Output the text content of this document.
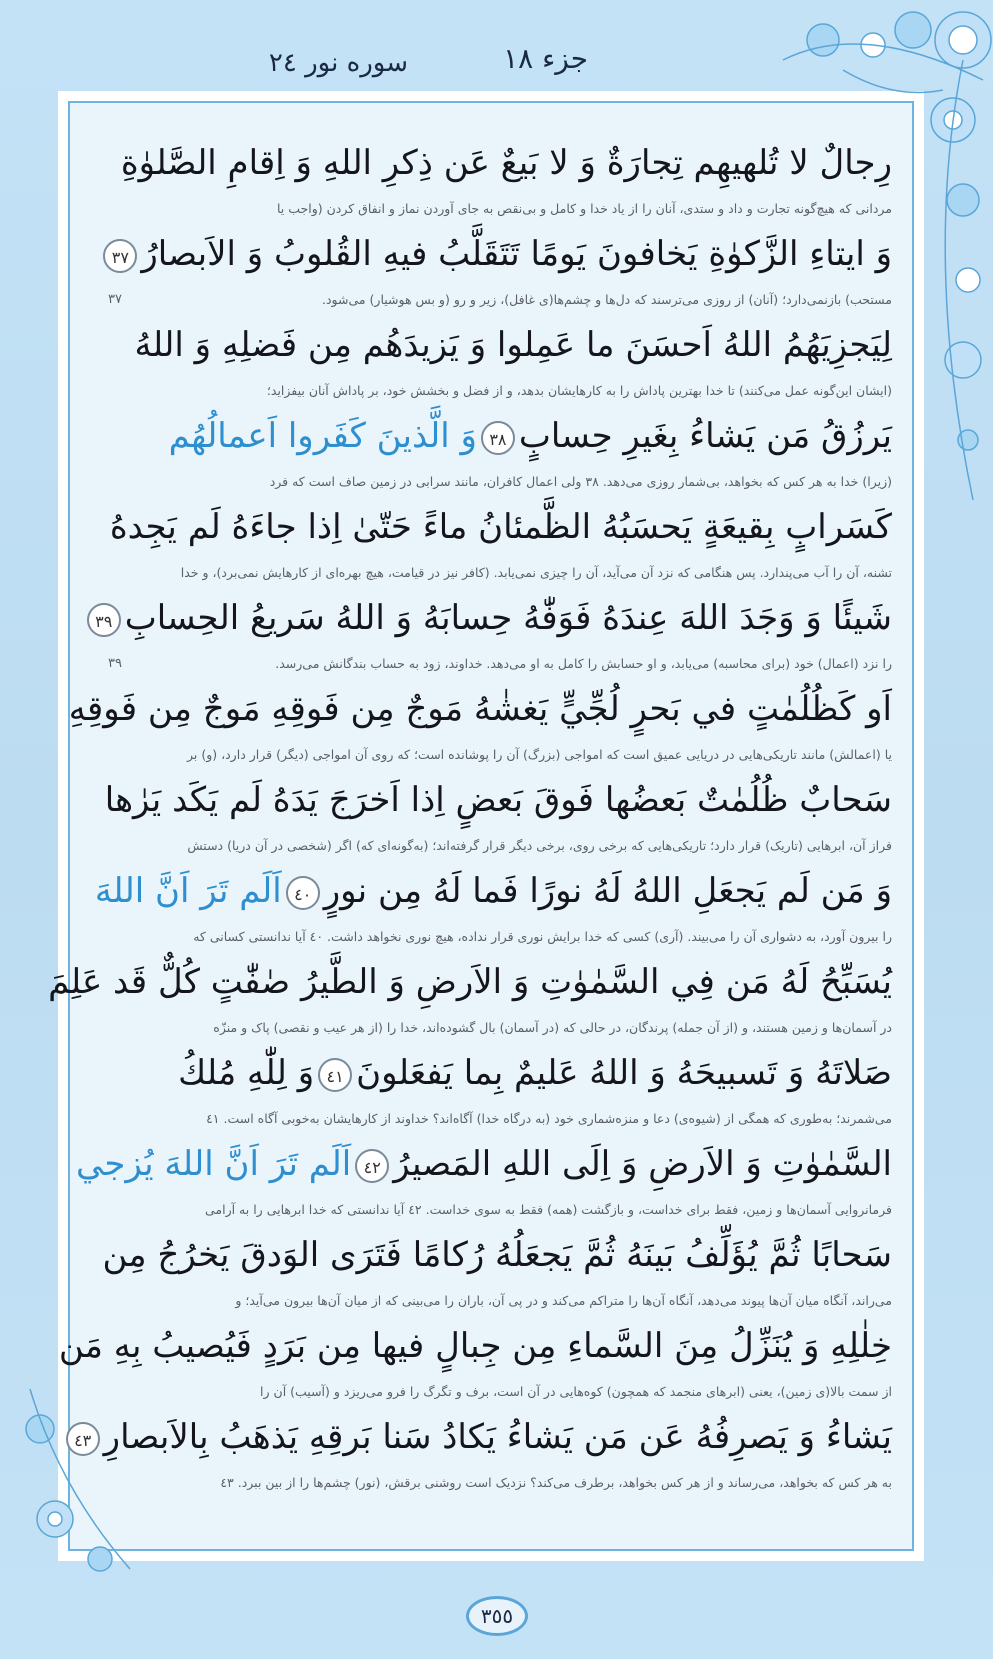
جزء ١٨
سوره نور ٢٤
رِجالٌ لا تُلهيهِم تِجارَةٌ وَ لا بَيعٌ عَن ذِكرِ اللهِ وَ اِقامِ الصَّلوٰةِ
مردانی که هیچ‌گونه تجارت و داد و ستدی، آنان را از یاد خدا و کامل و بی‌نقص به جای آوردن نماز و انفاق کردن (واجب یا
وَ ايتاءِ الزَّكوٰةِ يَخافونَ يَومًا تَتَقَلَّبُ فيهِ القُلوبُ وَ الاَبصارُ٣٧
مستحب) بازنمی‌دارد؛ (آنان) از روزی می‌ترسند که دل‌ها و چشم‌ها(ی غافل)، زیر و رو (و بس هوشیار) می‌شود.
٣٧
لِيَجزِيَهُمُ اللهُ اَحسَنَ ما عَمِلوا وَ يَزيدَهُم مِن فَضلِهِ وَ اللهُ
(ایشان این‌گونه عمل می‌کنند) تا خدا بهترین پاداش را به کارهایشان بدهد، و از فضل و بخشش خود، بر پاداش آنان بیفزاید؛
يَرزُقُ مَن يَشاءُ بِغَيرِ حِسابٍ٣٨وَ الَّذينَ كَفَروا اَعمالُهُم
(زیرا) خدا به هر کس که بخواهد، بی‌شمار روزی می‌دهد. ٣٨ ولی اعمال کافران، مانند سرابی در زمین صاف است که فرد
كَسَرابٍ بِقيعَةٍ يَحسَبُهُ الظَّمئانُ ماءً حَتّىٰ اِذا جاءَهُ لَم يَجِدهُ
تشنه، آن را آب می‌پندارد. پس هنگامی که نزد آن می‌آید، آن را چیزی نمی‌یابد. (کافر نیز در قیامت، هیچ بهره‌ای از کارهایش نمی‌برد)، و خدا
شَيئًا وَ وَجَدَ اللهَ عِندَهُ فَوَفّٰهُ حِسابَهُ وَ اللهُ سَريعُ الحِسابِ٣٩
را نزد (اعمال) خود (برای محاسبه) می‌یابد، و او حسابش را کامل به او می‌دهد. خداوند، زود به حساب بندگانش می‌رسد.
٣٩
اَو كَظُلُمٰتٍ في بَحرٍ لُجِّيٍّ يَغشٰهُ مَوجٌ مِن فَوقِهِ مَوجٌ مِن فَوقِهِ
یا (اعمالش) مانند تاریکی‌هایی در دریایی عمیق است که امواجی (بزرگ) آن را پوشانده است؛ که روی آن امواجی (دیگر) قرار دارد، (و) بر
سَحابٌ ظُلُمٰتٌ بَعضُها فَوقَ بَعضٍ اِذا اَخرَجَ يَدَهُ لَم يَكَد يَرٰها
فراز آن، ابرهایی (تاریک) قرار دارد؛ تاریکی‌هایی که برخی روی، برخی دیگر قرار گرفته‌اند؛ (به‌گونه‌ای که) اگر (شخصی در آن دریا) دستش
وَ مَن لَم يَجعَلِ اللهُ لَهُ نورًا فَما لَهُ مِن نورٍ٤٠اَلَم تَرَ اَنَّ اللهَ
را بیرون آورد، به دشواری آن را می‌بیند. (آری) کسی که خدا برایش نوری قرار نداده، هیچ نوری نخواهد داشت. ٤٠ آیا ندانستی کسانی که
يُسَبِّحُ لَهُ مَن فِي السَّمٰوٰتِ وَ الاَرضِ وَ الطَّيرُ صٰفّٰتٍ كُلٌّ قَد عَلِمَ
در آسمان‌ها و زمین هستند، و (از آن جمله) پرندگان، در حالی که (در آسمان) بال گشوده‌اند، خدا را (از هر عیب و نقصی) پاک و منزّه
صَلاتَهُ وَ تَسبيحَهُ وَ اللهُ عَليمٌ بِما يَفعَلونَ٤١وَ لِلّٰهِ مُلكُ
می‌شمرند؛ به‌طوری که همگی از (شیوه‌ی) دعا و منزه‌شماری خود (به درگاه خدا) آگاه‌اند؟ خداوند از کارهایشان به‌خوبی آگاه است. ٤١
السَّمٰوٰتِ وَ الاَرضِ وَ اِلَى اللهِ المَصيرُ٤٢اَلَم تَرَ اَنَّ اللهَ يُزجي
فرمانروایی آسمان‌ها و زمین، فقط برای خداست، و بازگشت (همه) فقط به سوی خداست. ٤٢ آیا ندانستی که خدا ابرهایی را به آرامی
سَحابًا ثُمَّ يُؤَلِّفُ بَينَهُ ثُمَّ يَجعَلُهُ رُكامًا فَتَرَى الوَدقَ يَخرُجُ مِن
می‌راند، آنگاه میان آن‌ها پیوند می‌دهد، آنگاه آن‌ها را متراکم می‌کند و در پی آن، باران را می‌بینی که از میان آن‌ها بیرون می‌آید؛ و
خِلٰلِهِ وَ يُنَزِّلُ مِنَ السَّماءِ مِن جِبالٍ فيها مِن بَرَدٍ فَيُصيبُ بِهِ مَن
از سمت بالا(ی زمین)، یعنی (ابرهای منجمد که همچون) کوه‌هایی در آن است، برف و تگرگ را فرو می‌ریزد و (آسیب) آن را
يَشاءُ وَ يَصرِفُهُ عَن مَن يَشاءُ يَكادُ سَنا بَرقِهِ يَذهَبُ بِالاَبصارِ٤٣
به هر کس که بخواهد، می‌رساند و از هر کس بخواهد، برطرف می‌کند؟ نزدیک است روشنی برقش، (نور) چشم‌ها را از بین ببرد. ٤٣
٣٥٥
